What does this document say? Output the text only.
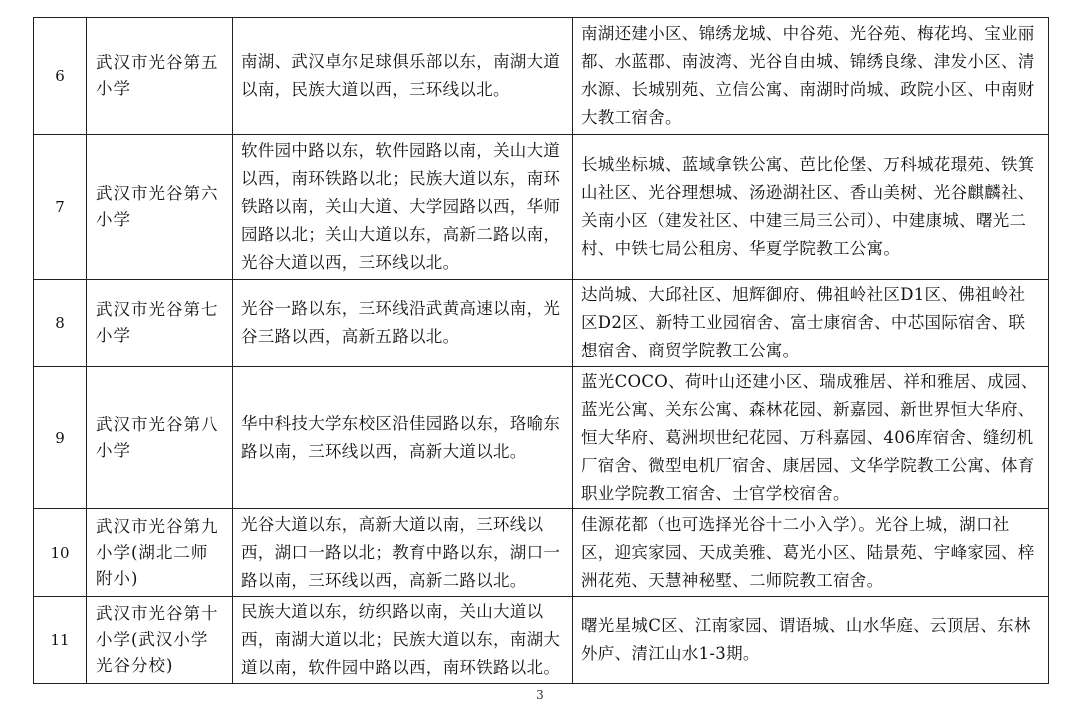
6	武汉市光谷第五小学	南湖、武汉卓尔足球俱乐部以东，南湖大道以南，民族大道以西，三环线以北。	南湖还建小区、锦绣龙城、中谷苑、光谷苑、梅花坞、宝业丽都、水蓝郡、南波湾、光谷自由城、锦绣良缘、津发小区、清水源、长城别苑、立信公寓、南湖时尚城、政院小区、中南财大教工宿舍。
7	武汉市光谷第六小学	软件园中路以东，软件园路以南，关山大道以西，南环铁路以北；民族大道以东，南环铁路以南，关山大道、大学园路以西，华师园路以北；关山大道以东，高新二路以南，光谷大道以西，三环线以北。	长城坐标城、蓝域拿铁公寓、芭比伦堡、万科城花璟苑、铁箕山社区、光谷理想城、汤逊湖社区、香山美树、光谷麒麟社、关南小区（建发社区、中建三局三公司）、中建康城、曙光二村、中铁七局公租房、华夏学院教工公寓。
8	武汉市光谷第七小学	光谷一路以东，三环线沿武黄高速以南，光谷三路以西，高新五路以北。	达尚城、大邱社区、旭辉御府、佛祖岭社区D1区、佛祖岭社区D2区、新特工业园宿舍、富士康宿舍、中芯国际宿舍、联想宿舍、商贸学院教工公寓。
9	武汉市光谷第八小学	华中科技大学东校区沿佳园路以东，珞喻东路以南，三环线以西，高新大道以北。	蓝光COCO、荷叶山还建小区、瑞成雅居、祥和雅居、成园、蓝光公寓、关东公寓、森林花园、新嘉园、新世界恒大华府、恒大华府、葛洲坝世纪花园、万科嘉园、406库宿舍、缝纫机厂宿舍、微型电机厂宿舍、康居园、文华学院教工公寓、体育职业学院教工宿舍、士官学校宿舍。
10	武汉市光谷第九小学(湖北二师附小)	光谷大道以东，高新大道以南，三环线以西，湖口一路以北；教育中路以东，湖口一路以南，三环线以西，高新二路以北。	佳源花都（也可选择光谷十二小入学）。光谷上城，湖口社区，迎宾家园、天成美雅、葛光小区、陆景苑、宇峰家园、梓洲花苑、天慧神秘墅、二师院教工宿舍。
11	武汉市光谷第十小学(武汉小学光谷分校)	民族大道以东，纺织路以南，关山大道以西，南湖大道以北；民族大道以东，南湖大道以南，软件园中路以西，南环铁路以北。	曙光星城C区、江南家园、谓语城、山水华庭、云顶居、东林外庐、清江山水1-3期。
3
